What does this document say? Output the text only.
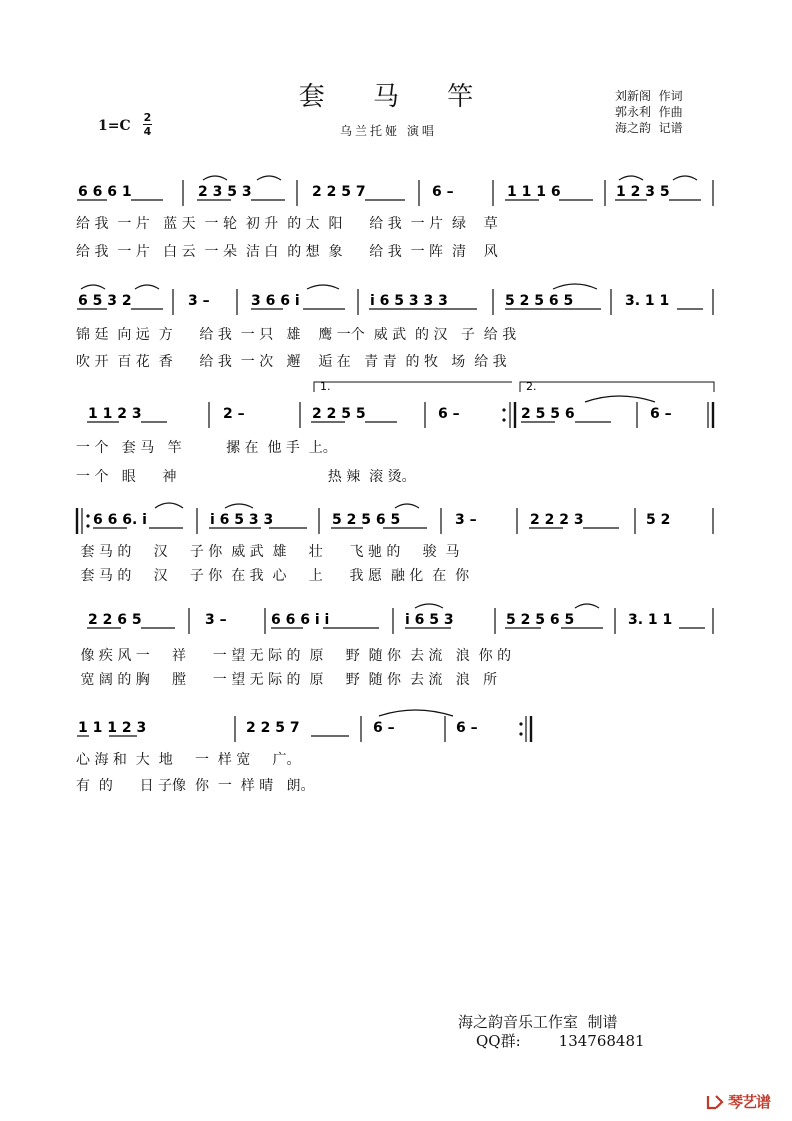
套 马 竿
乌兰托娅 演唱
刘新阁  作词
郭永利  作曲
海之韵  记谱
1=C
2
4
6 6 6 1	2 3 5 3	2 2 5 7	6 –	1 1 1 6	1 2 3 5
给 我  一 片   蓝 天  一 轮  初 升  的 太  阳      给 我  一 片  绿    草
给 我  一 片   白 云  一 朵  洁 白  的 想  象      给 我  一 阵  清    风
6 5 3 2	3 –	3 6 6 i	i 6 5 3 3 3	5 2 5 6 5	3. 1 1
锦 廷  向 远  方      给 我  一 只   雄    鹰 一个  威 武  的 汉   子  给 我
吹 开  百 花  香      给 我  一 次   邂    逅 在   青 青  的 牧   场  给 我
1.	2.
1 1 2 3	2 –	2 2 5 5	6 –	2 5 5 6	6 –
一 个   套 马   竿          摞 在  他 手  上。
一 个   眼      神                                  热 辣  滚 烫。
6 6 6. i	i 6 5 3 3	5 2 5 6 5	3 –	2 2 2 3	5 2
套 马 的     汉     子 你  威 武  雄     壮      飞 驰 的     骏  马
套 马 的     汉     子 你  在 我  心     上      我 愿  融 化  在  你
2 2 6 5	3 –	6 6 6 i i	i 6 5 3	5 2 5 6 5	3. 1 1
像 疾 风 一     祥      一 望 无 际 的  原     野  随 你  去 流   浪  你 的
宽 阔 的 胸     膛      一 望 无 际 的  原     野  随 你  去 流   浪   所
1 1 1 2 3	2 2 5 7	6 –	6 –
心 海 和  大  地     一  样 宽     广。
有  的      日 子像  你  一  样 晴   朗。
海之韵音乐工作室  制谱
QQ群:	134768481
琴艺谱
